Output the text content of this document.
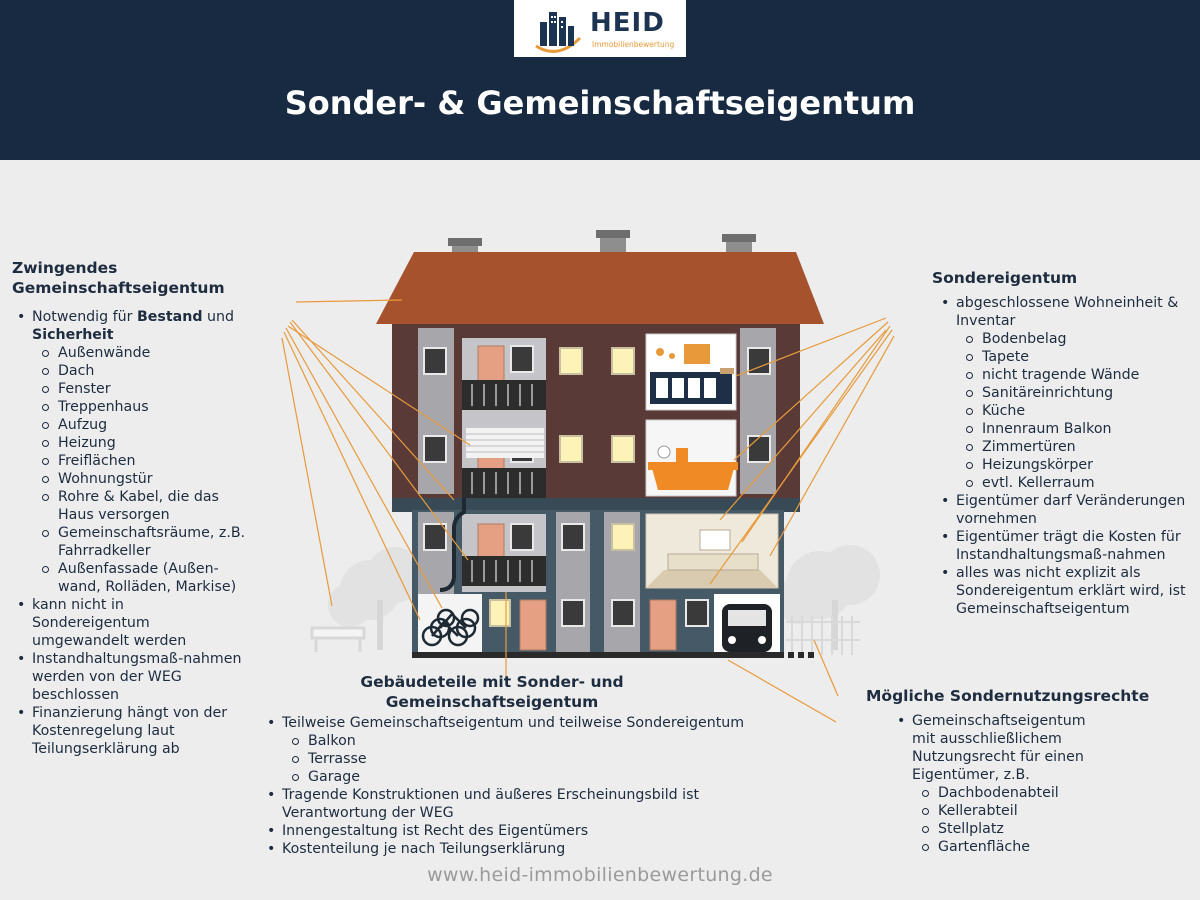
HEID
Immobilienbewertung
Sonder- & Gemeinschaftseigentum
Zwingendes Gemeinschaftseigentum
• Notwendig für Bestand und Sicherheit
Außenwände
Dach
Fenster
Treppenhaus
Aufzug
Heizung
Freiflächen
Wohnungstür
Rohre & Kabel, die das Haus versorgen
Gemeinschaftsräume, z.B. Fahrradkeller
Außenfassade (Außen-wand, Rolläden, Markise)
• kann nicht in Sondereigentum umgewandelt werden
• Instandhaltungsmaß-nahmen werden von der WEG beschlossen
• Finanzierung hängt von der Kostenregelung laut Teilungserklärung ab
Sondereigentum
• abgeschlossene Wohneinheit & Inventar
Bodenbelag
Tapete
nicht tragende Wände
Sanitäreinrichtung
Küche
Innenraum Balkon
Zimmertüren
Heizungskörper
evtl. Kellerraum
• Eigentümer darf Veränderungen vornehmen
• Eigentümer trägt die Kosten für Instandhaltungsmaß-nahmen
• alles was nicht explizit als Sondereigentum erklärt wird, ist Gemeinschaftseigentum
Gebäudeteile mit Sonder- und
Gemeinschaftseigentum
• Teilweise Gemeinschaftseigentum und teilweise Sondereigentum
Balkon
Terrasse
Garage
• Tragende Konstruktionen und äußeres Erscheinungsbild ist Verantwortung der WEG
• Innengestaltung ist Recht des Eigentümers
• Kostenteilung je nach Teilungserklärung
Mögliche Sondernutzungsrechte
• Gemeinschaftseigentum mit ausschließlichem Nutzungsrecht für einen Eigentümer, z.B.
Dachbodenabteil
Kellerabteil
Stellplatz
Gartenfläche
www.heid-immobilienbewertung.de
